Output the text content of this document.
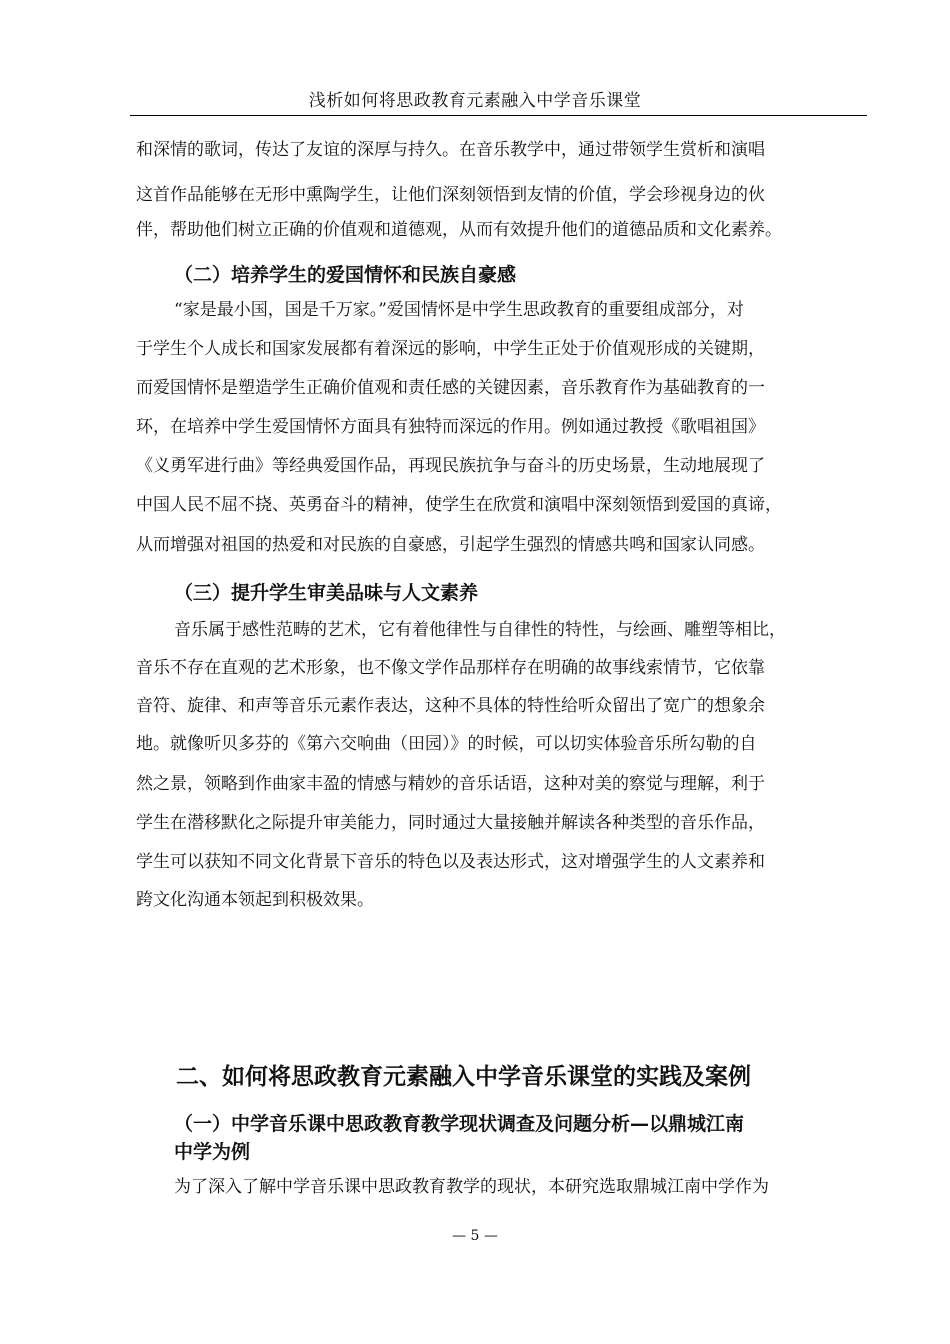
浅析如何将思政教育元素融入中学音乐课堂
和深情的歌词，传达了友谊的深厚与持久。在音乐教学中，通过带领学生赏析和演唱
这首作品能够在无形中熏陶学生，让他们深刻领悟到友情的价值，学会珍视身边的伙
伴，帮助他们树立正确的价值观和道德观，从而有效提升他们的道德品质和文化素养。
（二）培养学生的爱国情怀和民族自豪感
“家是最小国，国是千万家。”爱国情怀是中学生思政教育的重要组成部分，对
于学生个人成长和国家发展都有着深远的影响，中学生正处于价值观形成的关键期，
而爱国情怀是塑造学生正确价值观和责任感的关键因素，音乐教育作为基础教育的一
环，在培养中学生爱国情怀方面具有独特而深远的作用。例如通过教授《歌唱祖国》
《义勇军进行曲》等经典爱国作品，再现民族抗争与奋斗的历史场景，生动地展现了
中国人民不屈不挠、英勇奋斗的精神，使学生在欣赏和演唱中深刻领悟到爱国的真谛，
从而增强对祖国的热爱和对民族的自豪感，引起学生强烈的情感共鸣和国家认同感。
（三）提升学生审美品味与人文素养
音乐属于感性范畴的艺术，它有着他律性与自律性的特性，与绘画、雕塑等相比，
音乐不存在直观的艺术形象，也不像文学作品那样存在明确的故事线索情节，它依靠
音符、旋律、和声等音乐元素作表达，这种不具体的特性给听众留出了宽广的想象余
地。就像听贝多芬的《第六交响曲（田园）》的时候，可以切实体验音乐所勾勒的自
然之景，领略到作曲家丰盈的情感与精妙的音乐话语，这种对美的察觉与理解，利于
学生在潜移默化之际提升审美能力，同时通过大量接触并解读各种类型的音乐作品，
学生可以获知不同文化背景下音乐的特色以及表达形式，这对增强学生的人文素养和
跨文化沟通本领起到积极效果。
二、如何将思政教育元素融入中学音乐课堂的实践及案例
（一）中学音乐课中思政教育教学现状调查及问题分析—以鼎城江南
中学为例
为了深入了解中学音乐课中思政教育教学的现状，本研究选取鼎城江南中学作为
— 5 —
